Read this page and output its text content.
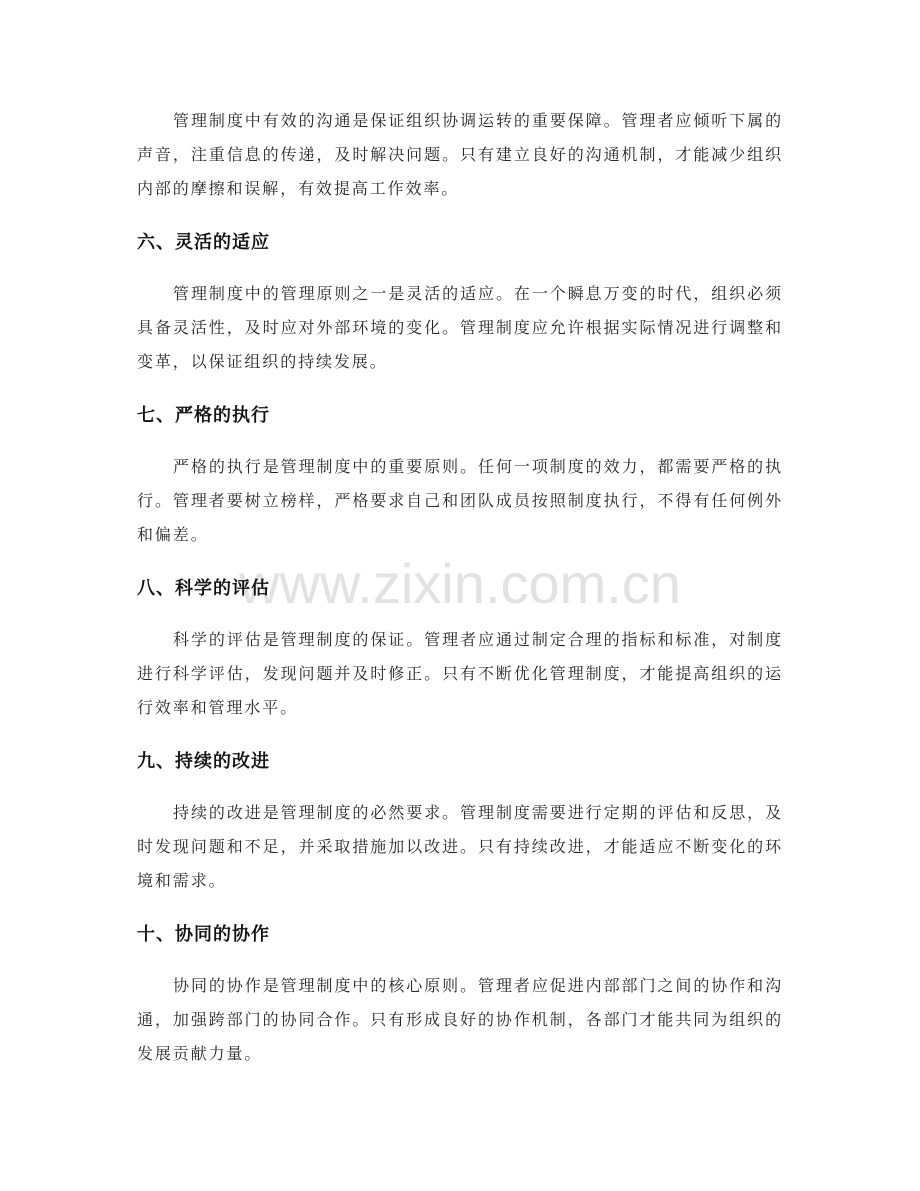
www.zixin.com.cn
管理制度中有效的沟通是保证组织协调运转的重要保障。管理者应倾听下属的
声音，注重信息的传递，及时解决问题。只有建立良好的沟通机制，才能减少组织
内部的摩擦和误解，有效提高工作效率。
六、灵活的适应
管理制度中的管理原则之一是灵活的适应。在一个瞬息万变的时代，组织必须
具备灵活性，及时应对外部环境的变化。管理制度应允许根据实际情况进行调整和
变革，以保证组织的持续发展。
七、严格的执行
严格的执行是管理制度中的重要原则。任何一项制度的效力，都需要严格的执
行。管理者要树立榜样，严格要求自己和团队成员按照制度执行，不得有任何例外
和偏差。
八、科学的评估
科学的评估是管理制度的保证。管理者应通过制定合理的指标和标准，对制度
进行科学评估，发现问题并及时修正。只有不断优化管理制度，才能提高组织的运
行效率和管理水平。
九、持续的改进
持续的改进是管理制度的必然要求。管理制度需要进行定期的评估和反思，及
时发现问题和不足，并采取措施加以改进。只有持续改进，才能适应不断变化的环
境和需求。
十、协同的协作
协同的协作是管理制度中的核心原则。管理者应促进内部部门之间的协作和沟
通，加强跨部门的协同合作。只有形成良好的协作机制，各部门才能共同为组织的
发展贡献力量。
